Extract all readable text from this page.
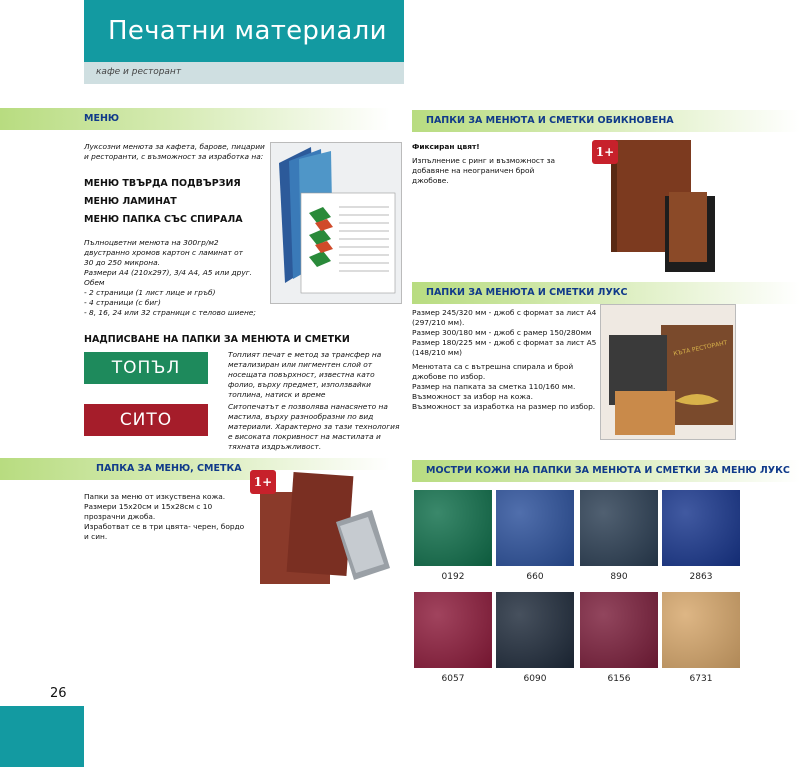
Печатни материали
кафе и ресторант
МЕНЮ
Луксозни менюта за кафета, барове, пицарии и ресторанти, с възможност за изработка на:
МЕНЮ ТВЪРДА ПОДВЪРЗИЯ
МЕНЮ ЛАМИНАТ
МЕНЮ ПАПКА СЪС СПИРАЛА
Пълноцветни менюта на 300гр/м2
двустранно хромов картон с ламинат от
30 до 250 микрона.
Размери А4 (210x297), 3/4 A4, A5 или друг.
Обем
- 2 страници (1 лист лице и гръб)
- 4 страници (с биг)
- 8, 16, 24 или 32 страници с телово шиене;
НАДПИСВАНЕ НА ПАПКИ ЗА МЕНЮТА И СМЕТКИ
ТОПЪЛ
Топлият печат е метод за трансфер на метализиран или пигментен слой от носещата повърхност, известна като фолио, върху предмет, използвайки топлина, натиск и време
СИТО
Ситопечатът е позволява нанасянето на мастила, върху разнообразни по вид материали. Характерно за тази технология е високата покривност на мастилата и тяхната издръжливост.
ПАПКА ЗА МЕНЮ, СМЕТКА
Папки за меню от изкуствена кожа.
Размери 15x20см и 15x28см с 10 прозрачни джоба.
Изработват се в три цвята- черен, бордо и син.
1+
ПАПКИ ЗА МЕНЮТА И СМЕТКИ ОБИКНОВЕНА
Фиксиран цвят!
Изпълнение с ринг и възможност за добавяне на неограничен брой джобове.
1+
ПАПКИ ЗА МЕНЮТА И СМЕТКИ ЛУКС
Размер 245/320 мм - джоб с формат за лист А4 (297/210 мм).
Размер 300/180 мм - джоб с рамер 150/280мм
Размер 180/225 мм - джоб с формат за лист А5 (148/210 мм)
Менютата са с вътрешна спирала и брой джобове по избор.
Размер на папката за сметка 110/160 мм.
Възможност за избор на кожа.
Възможност за изработка на размер по избор.
КЪТА РЕСТОРАНТ
МОСТРИ КОЖИ НА ПАПКИ ЗА МЕНЮТА И СМЕТКИ ЗА МЕНЮ ЛУКС
0192	660	890	2863
6057	6090	6156	6731
26
